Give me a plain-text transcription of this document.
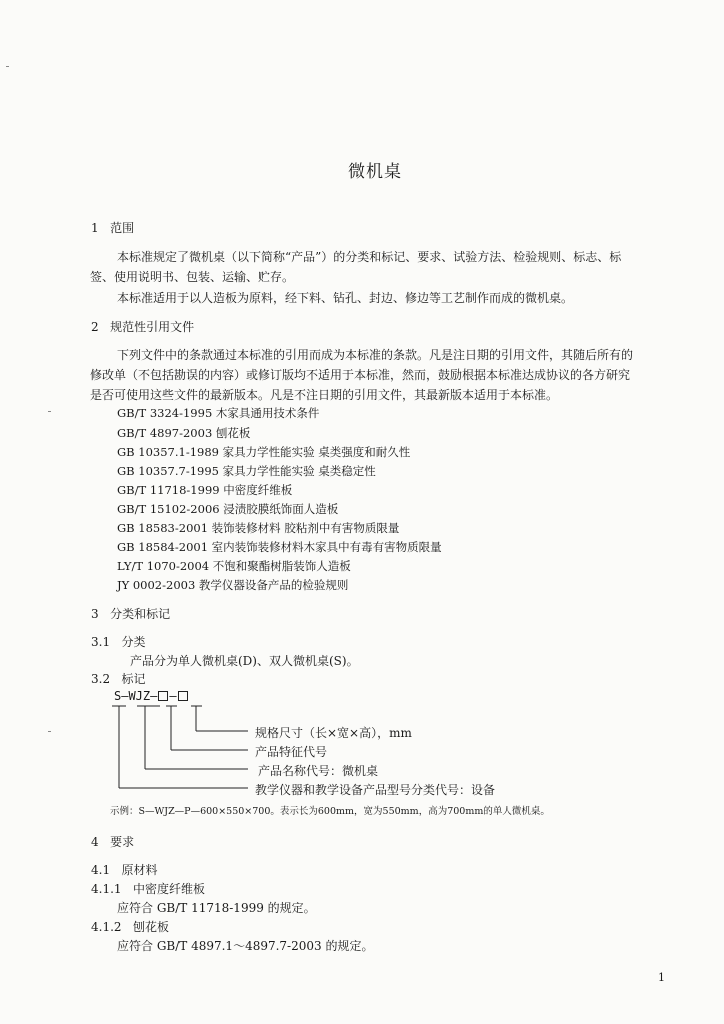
微机桌
1 范围
本标准规定了微机桌（以下简称“产品”）的分类和标记、要求、试验方法、检验规则、标志、标
签、使用说明书、包装、运输、贮存。
本标准适用于以人造板为原料，经下料、钻孔、封边、修边等工艺制作而成的微机桌。
2 规范性引用文件
下列文件中的条款通过本标准的引用而成为本标准的条款。凡是注日期的引用文件，其随后所有的
修改单（不包括勘误的内容）或修订版均不适用于本标准，然而，鼓励根据本标准达成协议的各方研究
是否可使用这些文件的最新版本。凡是不注日期的引用文件，其最新版本适用于本标准。
GB/T 3324-1995 木家具通用技术条件
GB/T 4897-2003 刨花板
GB 10357.1-1989 家具力学性能实验 桌类强度和耐久性
GB 10357.7-1995 家具力学性能实验 桌类稳定性
GB/T 11718-1999 中密度纤维板
GB/T 15102-2006 浸渍胶膜纸饰面人造板
GB 18583-2001 装饰装修材料 胶粘剂中有害物质限量
GB 18584-2001 室内装饰装修材料木家具中有毒有害物质限量
LY/T 1070-2004 不饱和聚酯树脂装饰人造板
JY 0002-2003 教学仪器设备产品的检验规则
3 分类和标记
3.1 分类
产品分为单人微机桌(D)、双人微机桌(S)。
3.2 标记
S—WJZ— —
规格尺寸（长×宽×高），mm
产品特征代号
产品名称代号：微机桌
教学仪器和教学设备产品型号分类代号：设备
示例：S—WJZ—P—600×550×700。表示长为600mm，宽为550mm，高为700mm的单人微机桌。
4 要求
4.1 原材料
4.1.1 中密度纤维板
应符合 GB/T 11718-1999 的规定。
4.1.2 刨花板
应符合 GB/T 4897.1～4897.7-2003 的规定。
1
